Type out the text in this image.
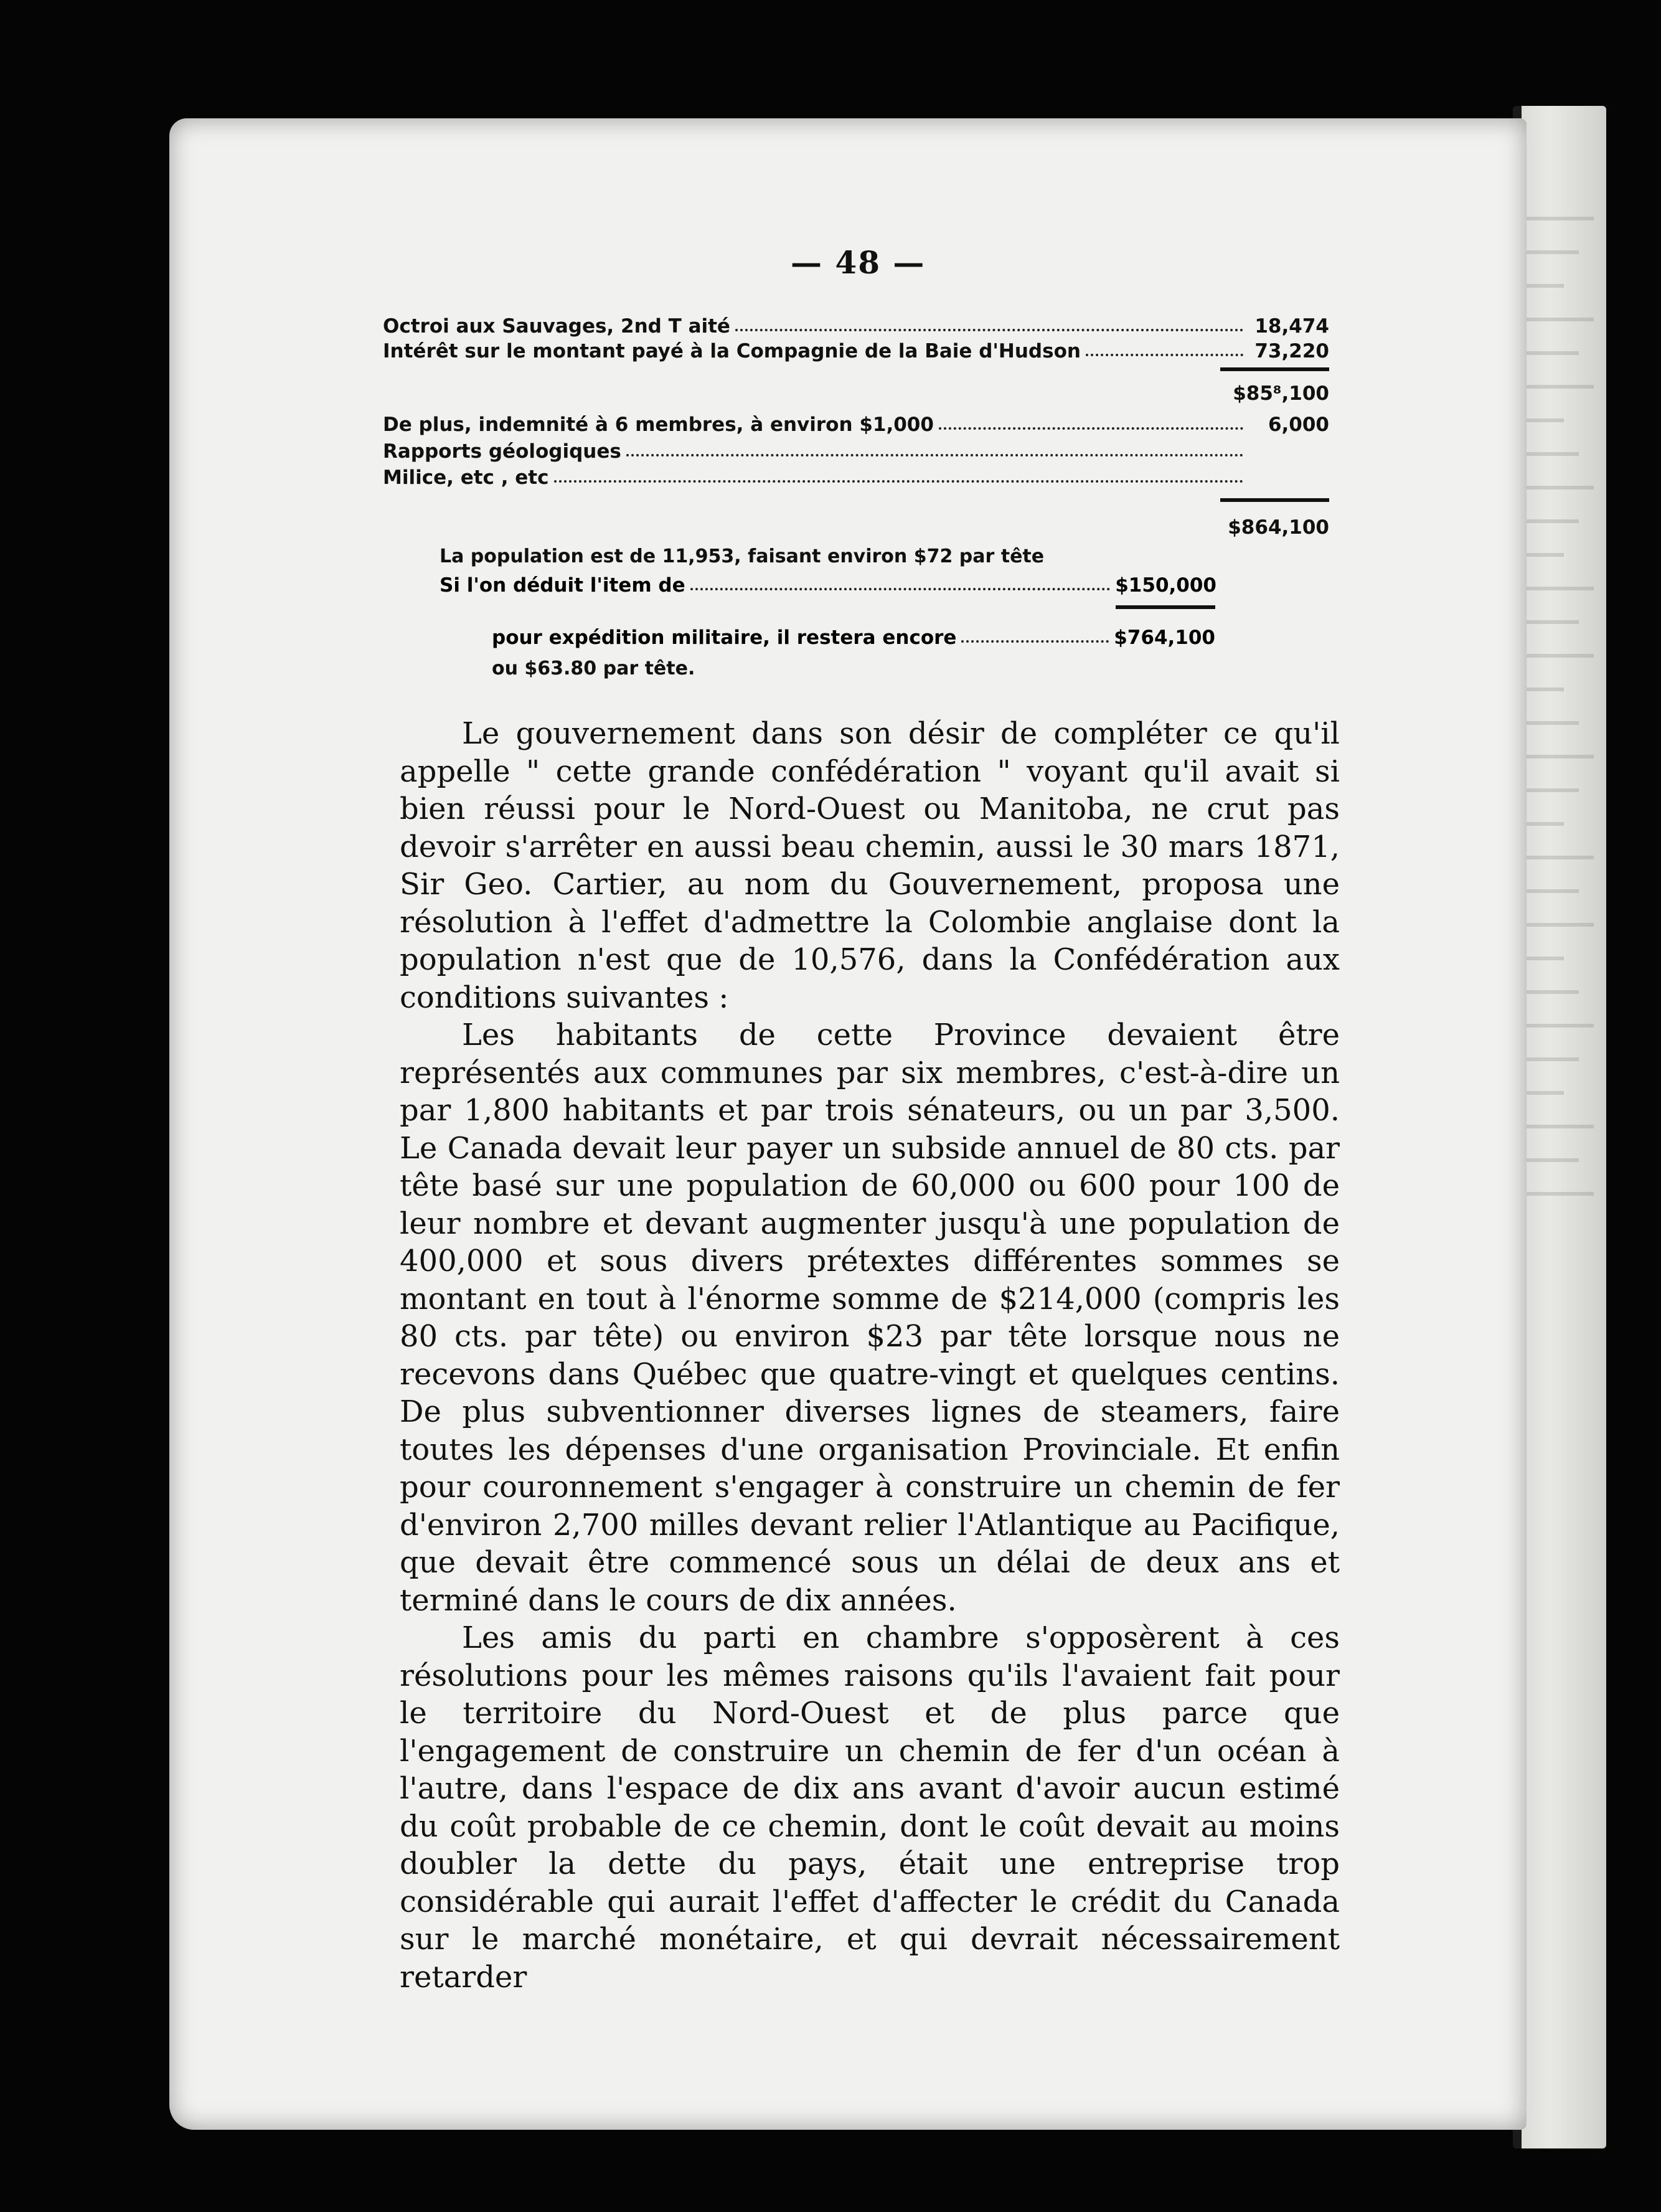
— 48 —
Octroi aux Sauvages, 2nd T aité	18,474
Intérêt sur le montant payé à la Compagnie de la Baie d'Hudson	73,220
$85⁸,100
De plus, indemnité à 6 membres, à environ $1,000	6,000
Rapports géologiques
Milice, etc , etc
$864,100
La population est de 11,953, faisant environ $72 par tête
Si l'on déduit l'item de	$150,000
pour expédition militaire, il restera encore	$764,100
ou $63.80 par tête.

Le gouvernement dans son désir de compléter ce qu'il appelle " cette grande confédération " voyant qu'il avait si bien réussi pour le Nord-Ouest ou Manitoba, ne crut pas devoir s'arrêter en aussi beau chemin, aussi le 30 mars 1871, Sir Geo. Cartier, au nom du Gouvernement, proposa une résolution à l'effet d'admettre la Colombie anglaise dont la population n'est que de 10,576, dans la Confédération aux conditions suivantes :

Les habitants de cette Province devaient être représentés aux communes par six membres, c'est-à-dire un par 1,800 habitants et par trois sénateurs, ou un par 3,500. Le Canada devait leur payer un subside annuel de 80 cts. par tête basé sur une population de 60,000 ou 600 pour 100 de leur nombre et devant augmenter jusqu'à une population de 400,000 et sous divers prétextes différentes sommes se montant en tout à l'énorme somme de $214,000 (compris les 80 cts. par tête) ou environ $23 par tête lorsque nous ne recevons dans Québec que quatre-vingt et quelques centins. De plus subventionner diverses lignes de steamers, faire toutes les dépenses d'une organisation Provinciale. Et enfin pour couronnement s'engager à construire un chemin de fer d'environ 2,700 milles devant relier l'Atlantique au Pacifique, que devait être commencé sous un délai de deux ans et terminé dans le cours de dix années.

Les amis du parti en chambre s'opposèrent à ces résolutions pour les mêmes raisons qu'ils l'avaient fait pour le territoire du Nord-Ouest et de plus parce que l'engagement de construire un chemin de fer d'un océan à l'autre, dans l'espace de dix ans avant d'avoir aucun estimé du coût probable de ce chemin, dont le coût devait au moins doubler la dette du pays, était une entreprise trop considérable qui aurait l'effet d'affecter le crédit du Canada sur le marché monétaire, et qui devrait nécessairement retarder
